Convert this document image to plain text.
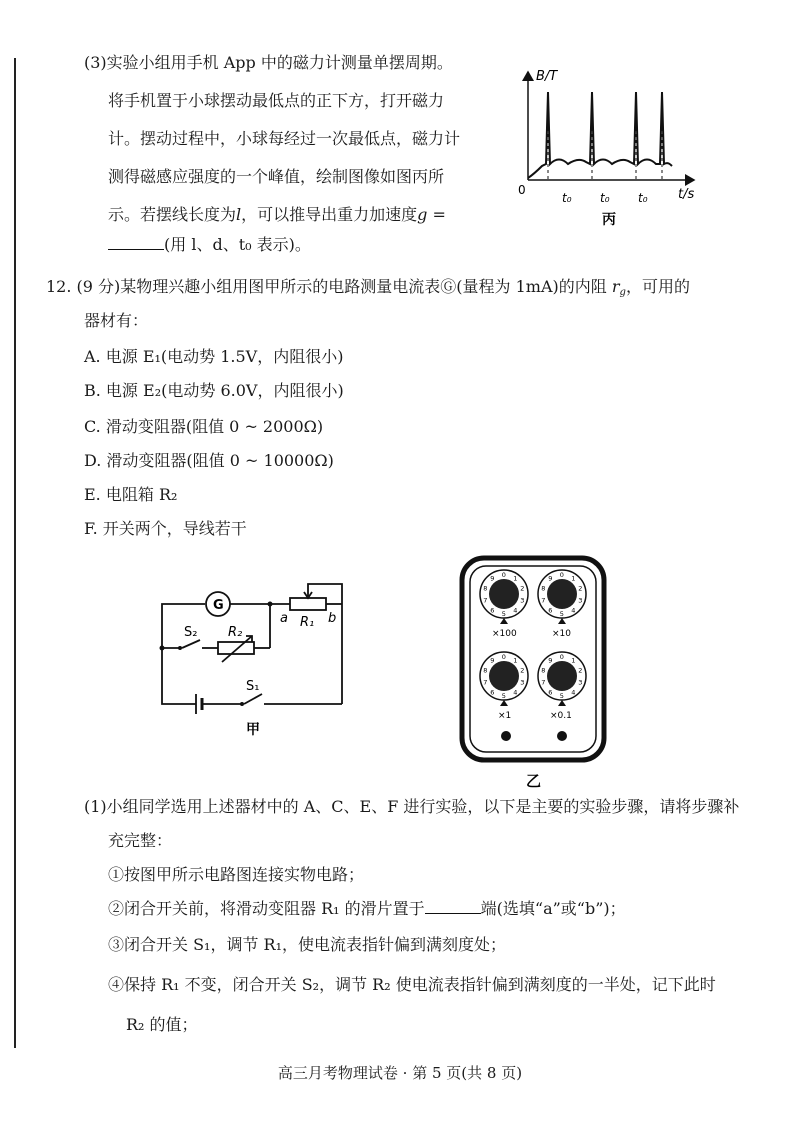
(3)实验小组用手机 App 中的磁力计测量单摆周期。
将手机置于小球摆动最低点的正下方，打开磁力
计。摆动过程中，小球每经过一次最低点，磁力计
测得磁感应强度的一个峰值，绘制图像如图丙所
示。若摆线长度为l，可以推导出重力加速度g =
(用 l、d、t₀ 表示)。
B/T
t/s
0
t₀ t₀ t₀
丙
12. (9 分)某物理兴趣小组用图甲所示的电路测量电流表Ⓖ(量程为 1mA)的内阻 $r_g$，可用的
器材有：
A. 电源 E₁(电动势 1.5V，内阻很小)
B. 电源 E₂(电动势 6.0V，内阻很小)
C. 滑动变阻器(阻值 0 ~ 2000Ω)
D. 滑动变阻器(阻值 0 ~ 10000Ω)
E. 电阻箱 R₂
F. 开关两个，导线若干
G
S₂ R₂
R₁
a	b
S₁
甲
0 1
2
3
4
5
6
7
8
9	0 1
2
3
4
5
6
7
8
9
0 1
2
3
4
5
6
7
8
9	0 1
2
3
4
5
6
7
8
9
×100	×10
×1	×0.1
乙
(1)小组同学选用上述器材中的 A、C、E、F 进行实验，以下是主要的实验步骤，请将步骤补
充完整：
①按图甲所示电路图连接实物电路；
②闭合开关前，将滑动变阻器 R₁ 的滑片置于	端(选填“a”或“b”)；
③闭合开关 S₁，调节 R₁，使电流表指针偏到满刻度处；
④保持 R₁ 不变，闭合开关 S₂，调节 R₂ 使电流表指针偏到满刻度的一半处，记下此时
R₂ 的值；
高三月考物理试卷 · 第 5 页(共 8 页)
